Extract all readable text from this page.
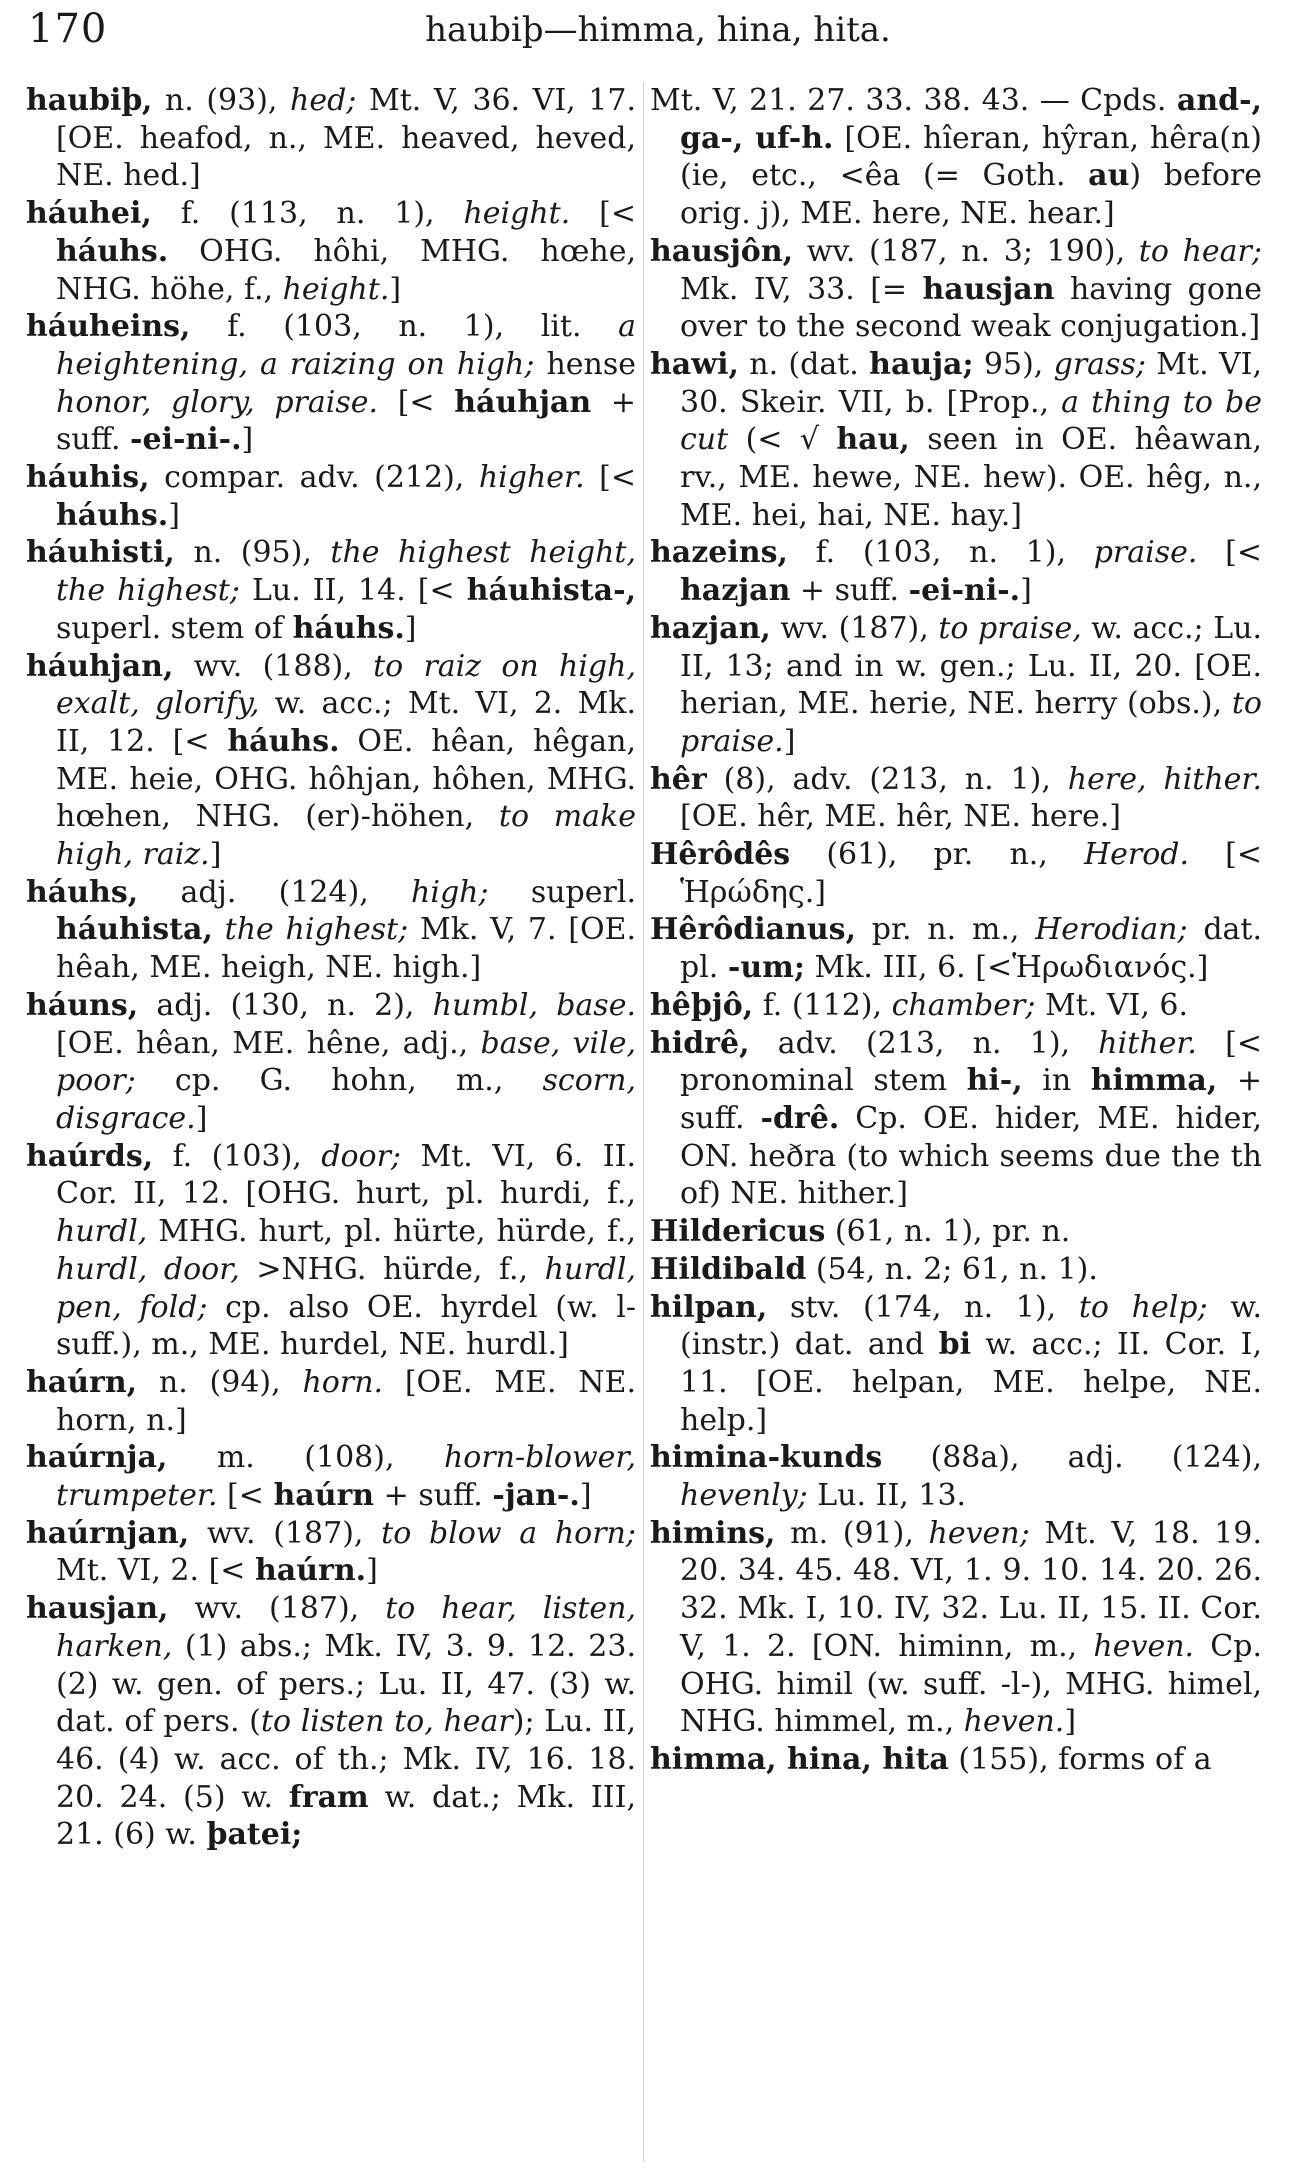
170	haubiþ—himma, hina, hita.
haubiþ, n. (93), hed; Mt. V, 36. VI, 17. [OE. heafod, n., ME. heaved, heved, NE. hed.]
háuhei, f. (113, n. 1), height. [< háuhs. OHG. hôhi, MHG. hœhe, NHG. höhe, f., height.]
háuheins, f. (103, n. 1), lit. a heightening, a raizing on high; hense honor, glory, praise. [< háuhjan + suff. -ei-ni-.]
háuhis, compar. adv. (212), higher. [< háuhs.]
háuhisti, n. (95), the highest height, the highest; Lu. II, 14. [< háuhista-, superl. stem of háuhs.]
háuhjan, wv. (188), to raiz on high, exalt, glorify, w. acc.; Mt. VI, 2. Mk. II, 12. [< háuhs. OE. hêan, hêgan, ME. heie, OHG. hôhjan, hôhen, MHG. hœhen, NHG. (er)-höhen, to make high, raiz.]
háuhs, adj. (124), high; superl. háuhista, the highest; Mk. V, 7. [OE. hêah, ME. heigh, NE. high.]
háuns, adj. (130, n. 2), humbl, base. [OE. hêan, ME. hêne, adj., base, vile, poor; cp. G. hohn, m., scorn, disgrace.]
haúrds, f. (103), door; Mt. VI, 6. II. Cor. II, 12. [OHG. hurt, pl. hurdi, f., hurdl, MHG. hurt, pl. hürte, hürde, f., hurdl, door, >NHG. hürde, f., hurdl, pen, fold; cp. also OE. hyrdel (w. l-suff.), m., ME. hurdel, NE. hurdl.]
haúrn, n. (94), horn. [OE. ME. NE. horn, n.]
haúrnja, m. (108), horn-blower, trumpeter. [< haúrn + suff. -jan-.]
haúrnjan, wv. (187), to blow a horn; Mt. VI, 2. [< haúrn.]
hausjan, wv. (187), to hear, listen, harken, (1) abs.; Mk. IV, 3. 9. 12. 23. (2) w. gen. of pers.; Lu. II, 47. (3) w. dat. of pers. (to listen to, hear); Lu. II, 46. (4) w. acc. of th.; Mk. IV, 16. 18. 20. 24. (5) w. fram w. dat.; Mk. III, 21. (6) w. þatei;
Mt. V, 21. 27. 33. 38. 43. — Cpds. and-, ga-, uf-h. [OE. hîeran, hŷran, hêra(n) (ie, etc., <êa (= Goth. au) before orig. j), ME. here, NE. hear.]
hausjôn, wv. (187, n. 3; 190), to hear; Mk. IV, 33. [= hausjan having gone over to the second weak conjugation.]
hawi, n. (dat. hauja; 95), grass; Mt. VI, 30. Skeir. VII, b. [Prop., a thing to be cut (< √ hau, seen in OE. hêawan, rv., ME. hewe, NE. hew). OE. hêg, n., ME. hei, hai, NE. hay.]
hazeins, f. (103, n. 1), praise. [< hazjan + suff. -ei-ni-.]
hazjan, wv. (187), to praise, w. acc.; Lu. II, 13; and in w. gen.; Lu. II, 20. [OE. herian, ME. herie, NE. herry (obs.), to praise.]
hêr (8), adv. (213, n. 1), here, hither. [OE. hêr, ME. hêr, NE. here.]
Hêrôdês (61), pr. n., Herod. [< Ἡρώδης.]
Hêrôdianus, pr. n. m., Herodian; dat. pl. -um; Mk. III, 6. [<Ἡρωδιανός.]
hêþjô, f. (112), chamber; Mt. VI, 6.
hidrê, adv. (213, n. 1), hither. [< pronominal stem hi-, in himma, + suff. -drê. Cp. OE. hider, ME. hider, ON. heðra (to which seems due the th of) NE. hither.]
Hildericus (61, n. 1), pr. n.
Hildibald (54, n. 2; 61, n. 1).
hilpan, stv. (174, n. 1), to help; w. (instr.) dat. and bi w. acc.; II. Cor. I, 11. [OE. helpan, ME. helpe, NE. help.]
himina-kunds (88a), adj. (124), hevenly; Lu. II, 13.
himins, m. (91), heven; Mt. V, 18. 19. 20. 34. 45. 48. VI, 1. 9. 10. 14. 20. 26. 32. Mk. I, 10. IV, 32. Lu. II, 15. II. Cor. V, 1. 2. [ON. himinn, m., heven. Cp. OHG. himil (w. suff. -l-), MHG. himel, NHG. himmel, m., heven.]
himma, hina, hita (155), forms of a
